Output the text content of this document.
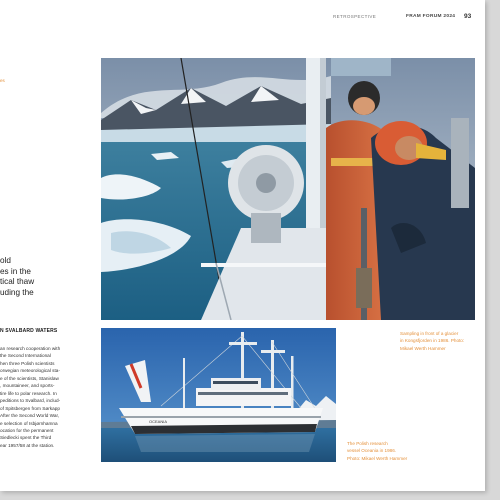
RETROSPECTIVE	FRAM FORUM 2024 93
es
old
es in the
tical thaw
uding the
N SVALBARD WATERS
an research cooperation with
the Second International
hen three Polish scientists
orwegian meteorological sta-
e of the scientists, Stanislaw
, mountaineer, and sports-
tire life to polar research. In
peditions to Svalbard, includ-
of Spitsbergen from Sørkapp
After the Second World War,
e selection of Isbjørnhamna
ocation for the permanent
Siedlecki spent the Third
ear 1957/58 at the station.
OCEANIA
Sampling in front of a glacier
in Kongsfjorden in 1986. Photo:
Mikael Werth Hammer
The Polish research
vessel Oceania in 1986.
Photo: Mikael Werth Hammer
